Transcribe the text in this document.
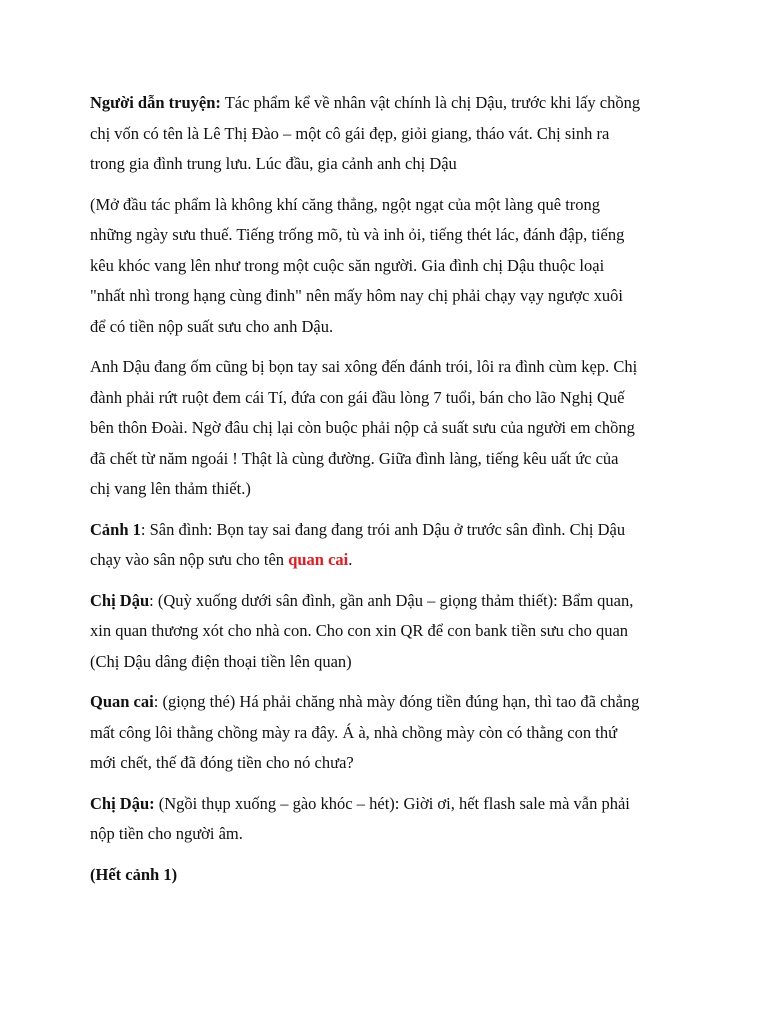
Người dẫn truyện: Tác phẩm kể về nhân vật chính là chị Dậu, trước khi lấy chồng
chị vốn có tên là Lê Thị Đào – một cô gái đẹp, giỏi giang, tháo vát. Chị sinh ra
trong gia đình trung lưu. Lúc đầu, gia cảnh anh chị Dậu
(Mở đầu tác phẩm là không khí căng thẳng, ngột ngạt của một làng quê trong
những ngày sưu thuế. Tiếng trống mõ, tù và inh ỏi, tiếng thét lác, đánh đập, tiếng
kêu khóc vang lên như trong một cuộc săn người. Gia đình chị Dậu thuộc loại
"nhất nhì trong hạng cùng đinh" nên mấy hôm nay chị phải chạy vạy ngược xuôi
để có tiền nộp suất sưu cho anh Dậu.
Anh Dậu đang ốm cũng bị bọn tay sai xông đến đánh trói, lôi ra đình cùm kẹp. Chị
đành phải rứt ruột đem cái Tí, đứa con gái đầu lòng 7 tuổi, bán cho lão Nghị Quế
bên thôn Đoài. Ngờ đâu chị lại còn buộc phải nộp cả suất sưu của người em chồng
đã chết từ năm ngoái ! Thật là cùng đường. Giữa đình làng, tiếng kêu uất ức của
chị vang lên thảm thiết.)
Cảnh 1: Sân đình: Bọn tay sai đang đang trói anh Dậu ở trước sân đình. Chị Dậu
chạy vào sân nộp sưu cho tên quan cai.
Chị Dậu: (Quỳ xuống dưới sân đình, gần anh Dậu – giọng thảm thiết): Bẩm quan,
xin quan thương xót cho nhà con. Cho con xin QR để con bank tiền sưu cho quan
(Chị Dậu dâng điện thoại tiền lên quan)
Quan cai: (giọng thé) Há phải chăng nhà mày đóng tiền đúng hạn, thì tao đã chẳng
mất công lôi thằng chồng mày ra đây. Á à, nhà chồng mày còn có thằng con thứ
mới chết, thế đã đóng tiền cho nó chưa?
Chị Dậu: (Ngồi thụp xuống – gào khóc – hét): Giời ơi, hết flash sale mà vẫn phải
nộp tiền cho người âm.
(Hết cảnh 1)
